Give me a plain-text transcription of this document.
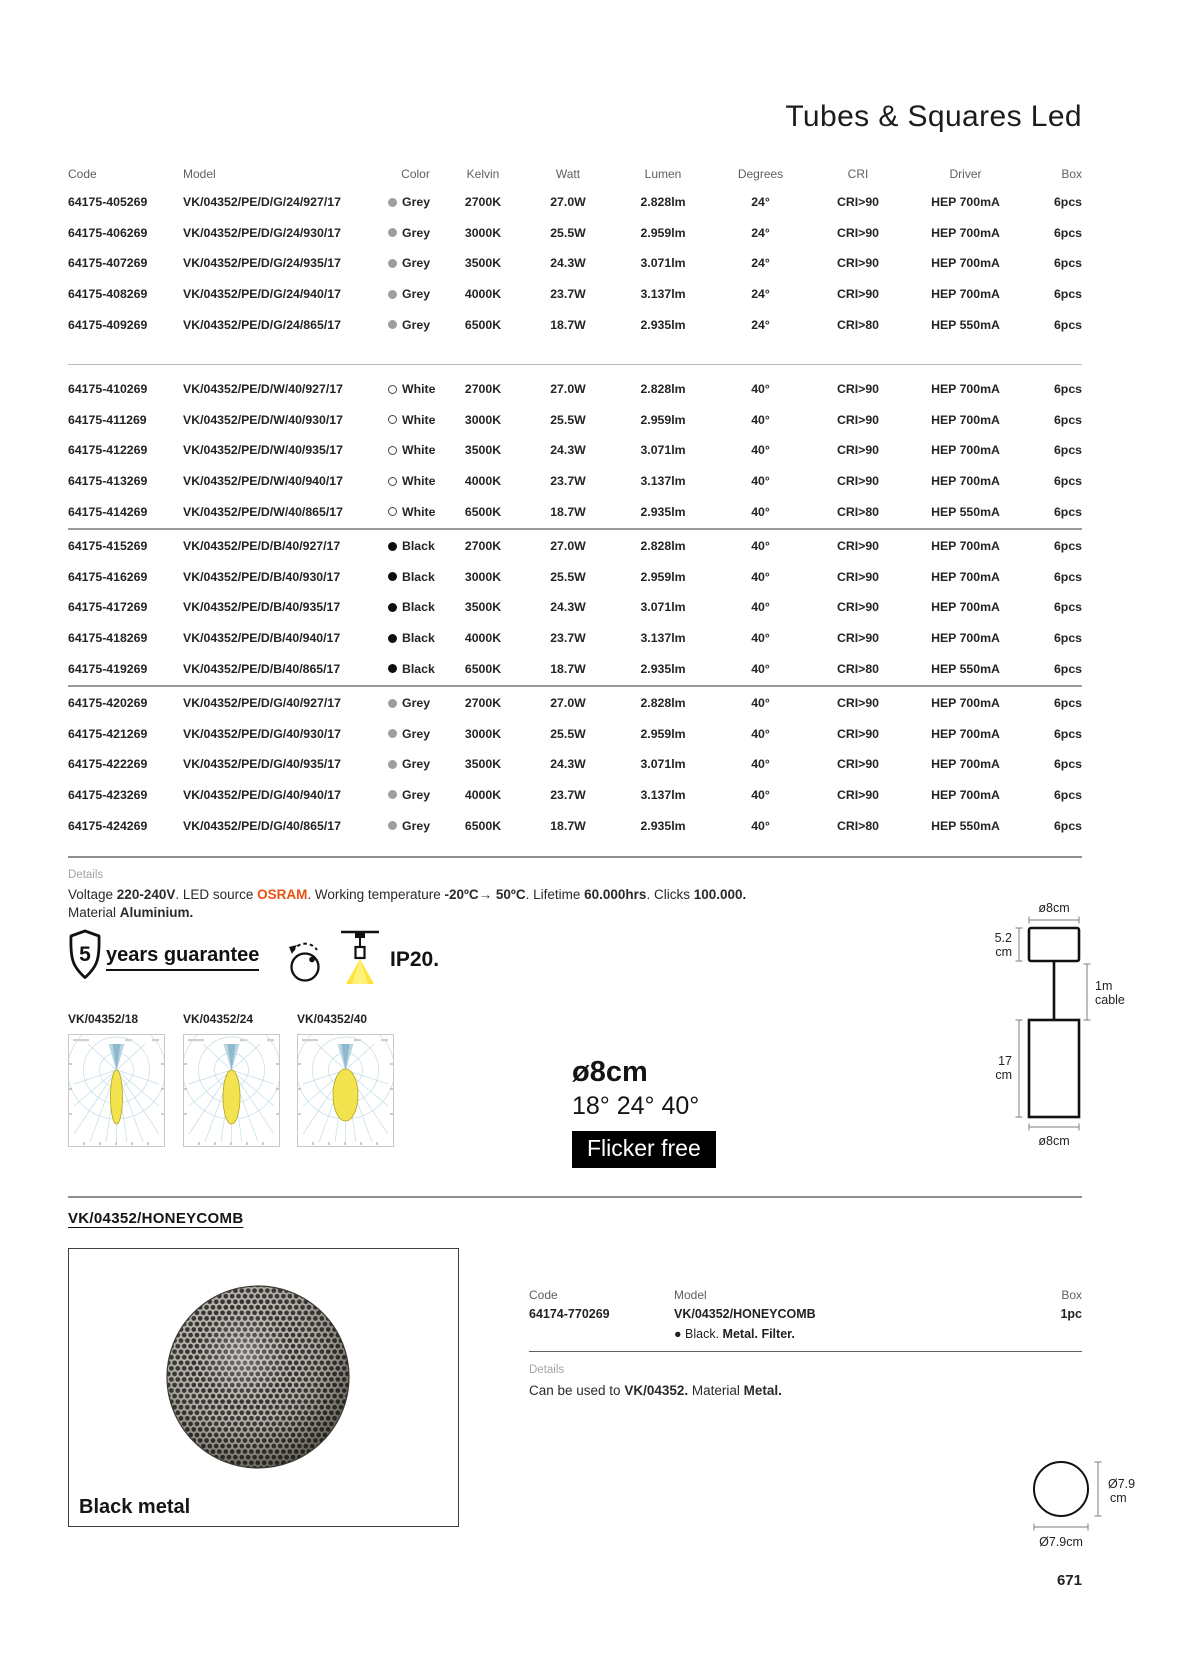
Tubes & Squares Led
Code	Model	Color	Kelvin	Watt	Lumen	Degrees	CRI	Driver	Box
64175-405269	VK/04352/PE/D/G/24/927/17	Grey	2700K	27.0W	2.828lm	24°	CRI>90	HEP 700mA	6pcs
64175-406269	VK/04352/PE/D/G/24/930/17	Grey	3000K	25.5W	2.959lm	24°	CRI>90	HEP 700mA	6pcs
64175-407269	VK/04352/PE/D/G/24/935/17	Grey	3500K	24.3W	3.071lm	24°	CRI>90	HEP 700mA	6pcs
64175-408269	VK/04352/PE/D/G/24/940/17	Grey	4000K	23.7W	3.137lm	24°	CRI>90	HEP 700mA	6pcs
64175-409269	VK/04352/PE/D/G/24/865/17	Grey	6500K	18.7W	2.935lm	24°	CRI>80	HEP 550mA	6pcs
64175-410269	VK/04352/PE/D/W/40/927/17	White	2700K	27.0W	2.828lm	40°	CRI>90	HEP 700mA	6pcs
64175-411269	VK/04352/PE/D/W/40/930/17	White	3000K	25.5W	2.959lm	40°	CRI>90	HEP 700mA	6pcs
64175-412269	VK/04352/PE/D/W/40/935/17	White	3500K	24.3W	3.071lm	40°	CRI>90	HEP 700mA	6pcs
64175-413269	VK/04352/PE/D/W/40/940/17	White	4000K	23.7W	3.137lm	40°	CRI>90	HEP 700mA	6pcs
64175-414269	VK/04352/PE/D/W/40/865/17	White	6500K	18.7W	2.935lm	40°	CRI>80	HEP 550mA	6pcs
64175-415269	VK/04352/PE/D/B/40/927/17	Black	2700K	27.0W	2.828lm	40°	CRI>90	HEP 700mA	6pcs
64175-416269	VK/04352/PE/D/B/40/930/17	Black	3000K	25.5W	2.959lm	40°	CRI>90	HEP 700mA	6pcs
64175-417269	VK/04352/PE/D/B/40/935/17	Black	3500K	24.3W	3.071lm	40°	CRI>90	HEP 700mA	6pcs
64175-418269	VK/04352/PE/D/B/40/940/17	Black	4000K	23.7W	3.137lm	40°	CRI>90	HEP 700mA	6pcs
64175-419269	VK/04352/PE/D/B/40/865/17	Black	6500K	18.7W	2.935lm	40°	CRI>80	HEP 550mA	6pcs
64175-420269	VK/04352/PE/D/G/40/927/17	Grey	2700K	27.0W	2.828lm	40°	CRI>90	HEP 700mA	6pcs
64175-421269	VK/04352/PE/D/G/40/930/17	Grey	3000K	25.5W	2.959lm	40°	CRI>90	HEP 700mA	6pcs
64175-422269	VK/04352/PE/D/G/40/935/17	Grey	3500K	24.3W	3.071lm	40°	CRI>90	HEP 700mA	6pcs
64175-423269	VK/04352/PE/D/G/40/940/17	Grey	4000K	23.7W	3.137lm	40°	CRI>90	HEP 700mA	6pcs
64175-424269	VK/04352/PE/D/G/40/865/17	Grey	6500K	18.7W	2.935lm	40°	CRI>80	HEP 550mA	6pcs
Details
Voltage 220-240V. LED source OSRAM. Working temperature -20ºC→ 50ºC. Lifetime 60.000hrs. Clicks 100.000.
Material Aluminium.
5 years guarantee	IP20.
VK/04352/18	VK/04352/24	VK/04352/40
ø8cm
18° 24° 40°
Flicker free
ø8cm
5.2
cm
1m
cable
17
cm
ø8cm
VK/04352/HONEYCOMB
Black metal
Code	Model	Box
64174-770269	VK/04352/HONEYCOMB	1pc
● Black. Metal. Filter.
Details
Can be used to VK/04352. Material Metal.
Ø7.9
cm
Ø7.9cm
671
